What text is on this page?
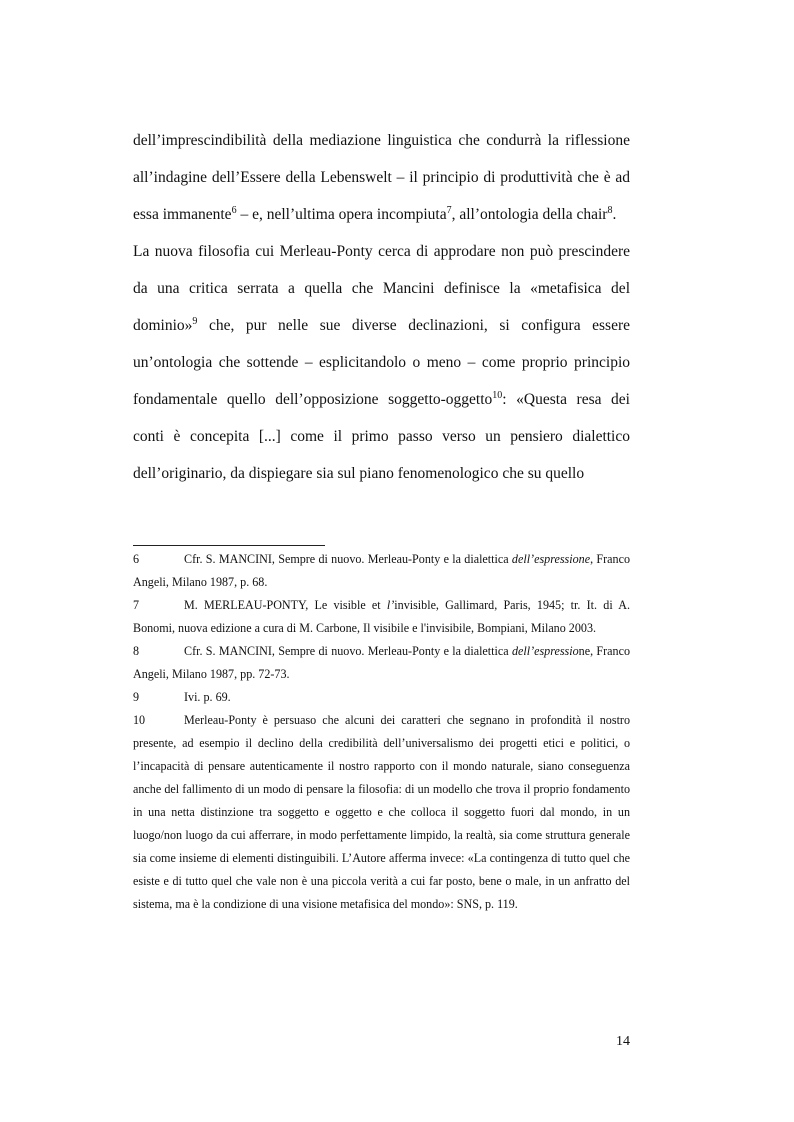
dell’imprescindibilità della mediazione linguistica che condurrà la riflessione all’indagine dell’Essere della Lebenswelt – il principio di produttività che è ad essa immanente$^6$ – e, nell’ultima opera incompiuta$^7$, all’ontologia della chair$^8$.

La nuova filosofia cui Merleau-Ponty cerca di approdare non può prescindere da una critica serrata a quella che Mancini definisce la «metafisica del dominio»$^9$ che, pur nelle sue diverse declinazioni, si configura essere un’ontologia che sottende – esplicitandolo o meno – come proprio principio fondamentale quello dell’opposizione soggetto-oggetto$^{10}$: «Questa resa dei conti è concepita [...] come il primo passo verso un pensiero dialettico dell’originario, da dispiegare sia sul piano fenomenologico che su quello

6	Cfr. S. MANCINI, Sempre di nuovo. Merleau-Ponty e la dialettica dell’espressione, Franco Angeli, Milano 1987, p. 68.

7	M. MERLEAU-PONTY, Le visible et l’invisible, Gallimard, Paris, 1945; tr. It. di A. Bonomi, nuova edizione a cura di M. Carbone, Il visibile e l'invisibile, Bompiani, Milano 2003.

8	Cfr. S. MANCINI, Sempre di nuovo. Merleau-Ponty e la dialettica dell’espressione, Franco Angeli, Milano 1987, pp. 72-73.

9	Ivi. p. 69.

10	Merleau-Ponty è persuaso che alcuni dei caratteri che segnano in profondità il nostro presente, ad esempio il declino della credibilità dell’universalismo dei progetti etici e politici, o l’incapacità di pensare autenticamente il nostro rapporto con il mondo naturale, siano conseguenza anche del fallimento di un modo di pensare la filosofia: di un modello che trova il proprio fondamento in una netta distinzione tra soggetto e oggetto e che colloca il soggetto fuori dal mondo, in un luogo/non luogo da cui afferrare, in modo perfettamente limpido, la realtà, sia come struttura generale sia come insieme di elementi distinguibili. L’Autore afferma invece: «La contingenza di tutto quel che esiste e di tutto quel che vale non è una piccola verità a cui far posto, bene o male, in un anfratto del sistema, ma è la condizione di una visione metafisica del mondo»: SNS, p. 119.

14
